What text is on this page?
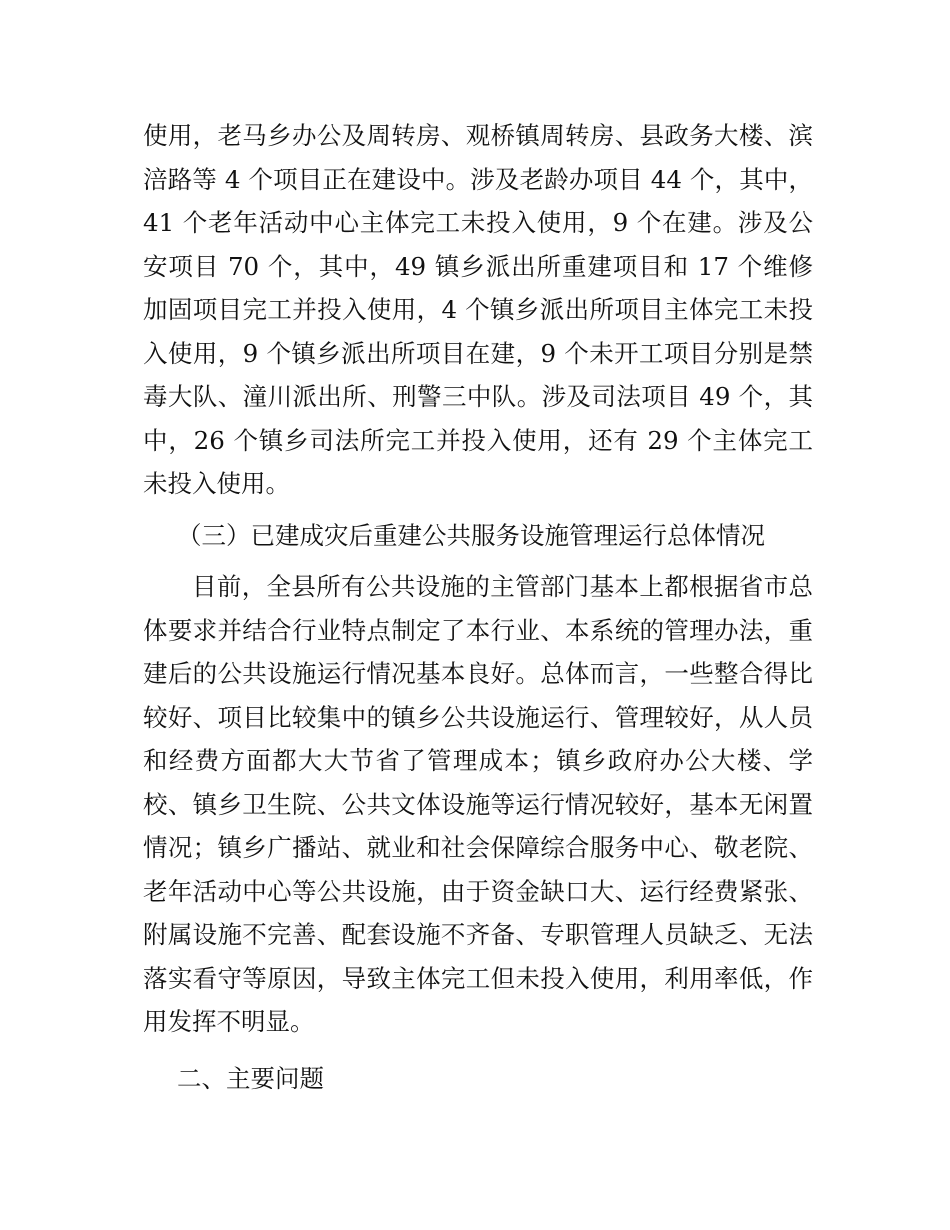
使用，老马乡办公及周转房、观桥镇周转房、县政务大楼、滨涪路等 4 个项目正在建设中。涉及老龄办项目 44 个，其中，41 个老年活动中心主体完工未投入使用，9 个在建。涉及公安项目 70 个，其中，49 镇乡派出所重建项目和 17 个维修加固项目完工并投入使用，4 个镇乡派出所项目主体完工未投入使用，9 个镇乡派出所项目在建，9 个未开工项目分别是禁毒大队、潼川派出所、刑警三中队。涉及司法项目 49 个，其中，26 个镇乡司法所完工并投入使用，还有 29 个主体完工未投入使用。

（三）已建成灾后重建公共服务设施管理运行总体情况

目前，全县所有公共设施的主管部门基本上都根据省市总体要求并结合行业特点制定了本行业、本系统的管理办法，重建后的公共设施运行情况基本良好。总体而言，一些整合得比较好、项目比较集中的镇乡公共设施运行、管理较好，从人员和经费方面都大大节省了管理成本；镇乡政府办公大楼、学校、镇乡卫生院、公共文体设施等运行情况较好，基本无闲置情况；镇乡广播站、就业和社会保障综合服务中心、敬老院、老年活动中心等公共设施，由于资金缺口大、运行经费紧张、附属设施不完善、配套设施不齐备、专职管理人员缺乏、无法落实看守等原因，导致主体完工但未投入使用，利用率低，作用发挥不明显。

二、主要问题
